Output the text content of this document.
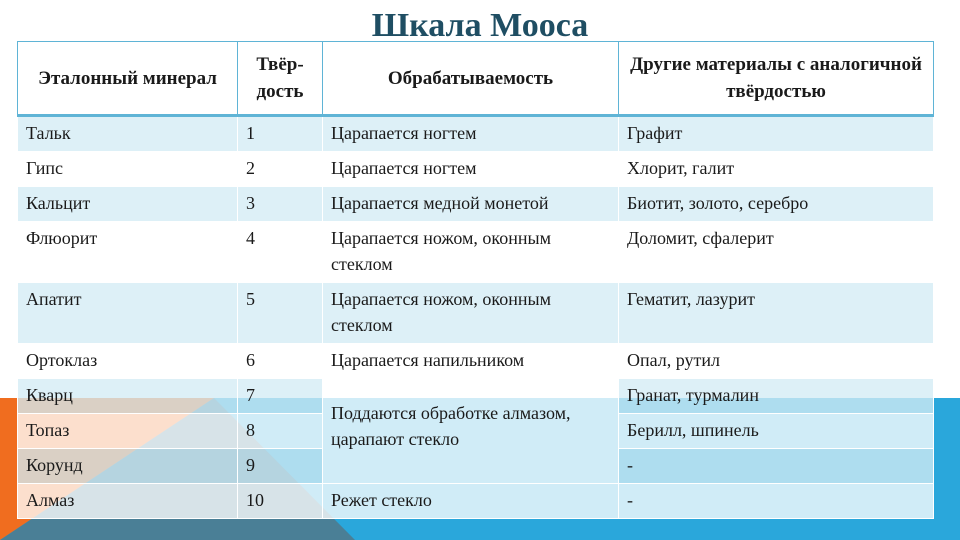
Шкала Мооса
Эталонный минерал	Твёр-дость	Обрабатываемость	Другие материалы с аналогичной твёрдостью
Тальк	1	Царапается ногтем	Графит
Гипс	2	Царапается ногтем	Хлорит, галит
Кальцит	3	Царапается медной монетой	Биотит, золото, серебро
Флюорит	4	Царапается ножом, оконным стеклом	Доломит, сфалерит
Апатит	5	Царапается ножом, оконным стеклом	Гематит, лазурит
Ортоклаз	6	Царапается напильником	Опал, рутил
Кварц	7	Поддаются обработке алмазом, царапают стекло	Гранат, турмалин
Топаз	8		Берилл, шпинель
Корунд	9		-
Алмаз	10	Режет стекло	-
